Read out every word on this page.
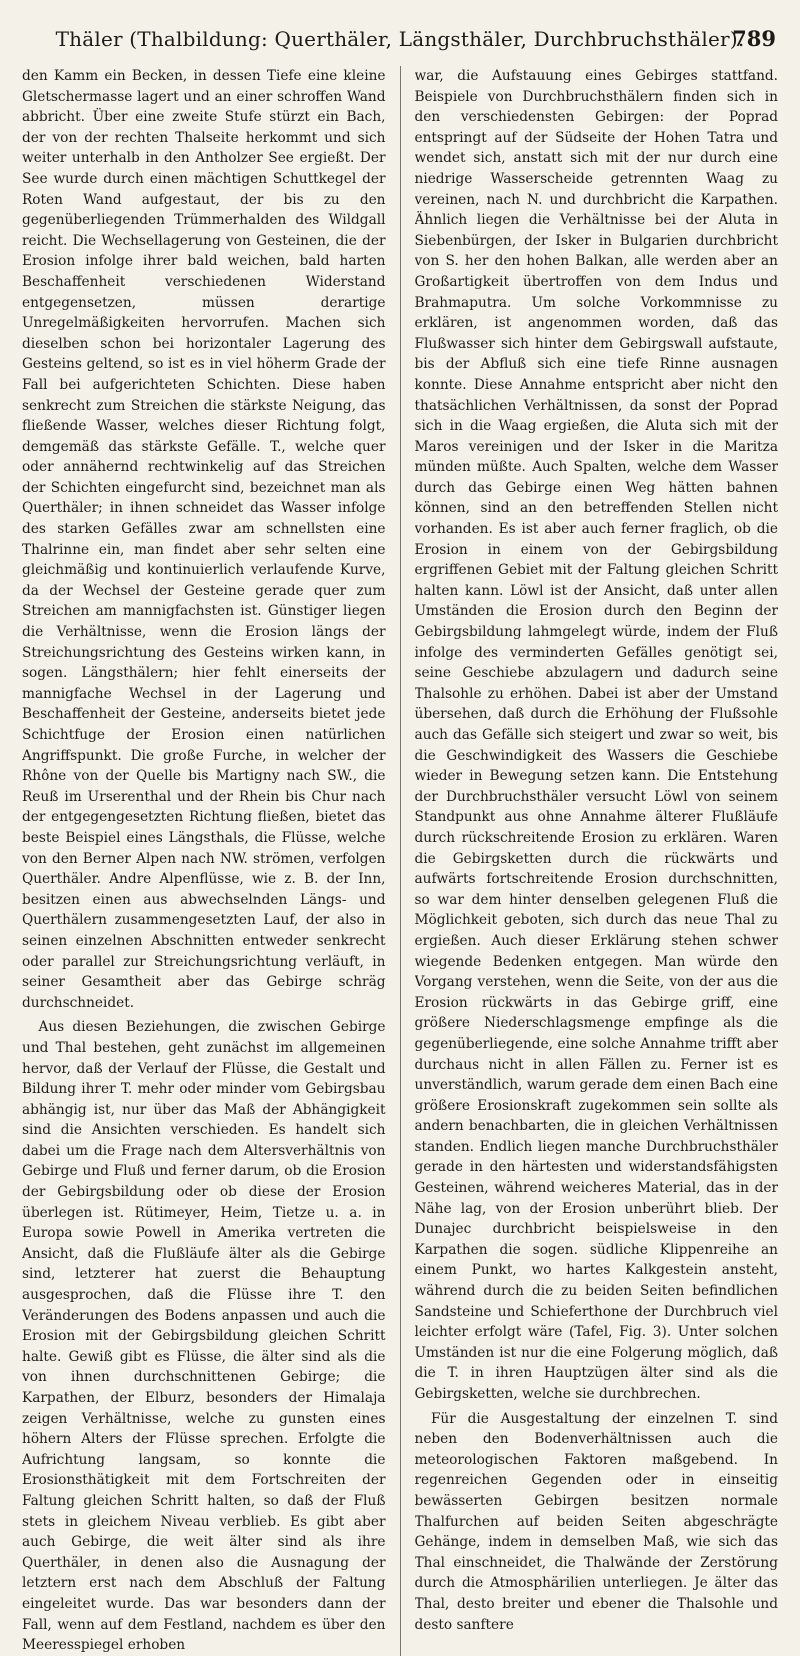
Thäler (Thalbildung: Querthäler, Längsthäler, Durchbruchsthäler).
789

den Kamm ein Becken, in dessen Tiefe eine kleine Gletschermasse lagert und an einer schroffen Wand abbricht. Über eine zweite Stufe stürzt ein Bach, der von der rechten Thalseite herkommt und sich weiter unterhalb in den Antholzer See ergießt. Der See wurde durch einen mächtigen Schuttkegel der Roten Wand aufgestaut, der bis zu den gegenüberliegenden Trümmerhalden des Wildgall reicht. Die Wechsellagerung von Gesteinen, die der Erosion infolge ihrer bald weichen, bald harten Beschaffenheit verschiedenen Widerstand entgegensetzen, müssen derartige Unregelmäßigkeiten hervorrufen. Machen sich dieselben schon bei horizontaler Lagerung des Gesteins geltend, so ist es in viel höherm Grade der Fall bei aufgerichteten Schichten. Diese haben senkrecht zum Streichen die stärkste Neigung, das fließende Wasser, welches dieser Richtung folgt, demgemäß das stärkste Gefälle. T., welche quer oder annähernd rechtwinkelig auf das Streichen der Schichten eingefurcht sind, bezeichnet man als Querthäler; in ihnen schneidet das Wasser infolge des starken Gefälles zwar am schnellsten eine Thalrinne ein, man findet aber sehr selten eine gleichmäßig und kontinuierlich verlaufende Kurve, da der Wechsel der Gesteine gerade quer zum Streichen am mannigfachsten ist. Günstiger liegen die Verhältnisse, wenn die Erosion längs der Streichungsrichtung des Gesteins wirken kann, in sogen. Längsthälern; hier fehlt einerseits der mannigfache Wechsel in der Lagerung und Beschaffenheit der Gesteine, anderseits bietet jede Schichtfuge der Erosion einen natürlichen Angriffspunkt. Die große Furche, in welcher der Rhône von der Quelle bis Martigny nach SW., die Reuß im Urserenthal und der Rhein bis Chur nach der entgegengesetzten Richtung fließen, bietet das beste Beispiel eines Längsthals, die Flüsse, welche von den Berner Alpen nach NW. strömen, verfolgen Querthäler. Andre Alpenflüsse, wie z. B. der Inn, besitzen einen aus abwechselnden Längs- und Querthälern zusammengesetzten Lauf, der also in seinen einzelnen Abschnitten entweder senkrecht oder parallel zur Streichungsrichtung verläuft, in seiner Gesamtheit aber das Gebirge schräg durchschneidet.

Aus diesen Beziehungen, die zwischen Gebirge und Thal bestehen, geht zunächst im allgemeinen hervor, daß der Verlauf der Flüsse, die Gestalt und Bildung ihrer T. mehr oder minder vom Gebirgsbau abhängig ist, nur über das Maß der Abhängigkeit sind die Ansichten verschieden. Es handelt sich dabei um die Frage nach dem Altersverhältnis von Gebirge und Fluß und ferner darum, ob die Erosion der Gebirgsbildung oder ob diese der Erosion überlegen ist. Rütimeyer, Heim, Tietze u. a. in Europa sowie Powell in Amerika vertreten die Ansicht, daß die Flußläufe älter als die Gebirge sind, letzterer hat zuerst die Behauptung ausgesprochen, daß die Flüsse ihre T. den Veränderungen des Bodens anpassen und auch die Erosion mit der Gebirgsbildung gleichen Schritt halte. Gewiß gibt es Flüsse, die älter sind als die von ihnen durchschnittenen Gebirge; die Karpathen, der Elburz, besonders der Himalaja zeigen Verhältnisse, welche zu gunsten eines höhern Alters der Flüsse sprechen. Erfolgte die Aufrichtung langsam, so konnte die Erosionsthätigkeit mit dem Fortschreiten der Faltung gleichen Schritt halten, so daß der Fluß stets in gleichem Niveau verblieb. Es gibt aber auch Gebirge, die weit älter sind als ihre Querthäler, in denen also die Ausnagung der letztern erst nach dem Abschluß der Faltung eingeleitet wurde. Das war besonders dann der Fall, wenn auf dem Festland, nachdem es über den Meeresspiegel erhoben

war, die Aufstauung eines Gebirges stattfand. Beispiele von Durchbruchsthälern finden sich in den verschiedensten Gebirgen: der Poprad entspringt auf der Südseite der Hohen Tatra und wendet sich, anstatt sich mit der nur durch eine niedrige Wasserscheide getrennten Waag zu vereinen, nach N. und durchbricht die Karpathen. Ähnlich liegen die Verhältnisse bei der Aluta in Siebenbürgen, der Isker in Bulgarien durchbricht von S. her den hohen Balkan, alle werden aber an Großartigkeit übertroffen von dem Indus und Brahmaputra. Um solche Vorkommnisse zu erklären, ist angenommen worden, daß das Flußwasser sich hinter dem Gebirgswall aufstaute, bis der Abfluß sich eine tiefe Rinne ausnagen konnte. Diese Annahme entspricht aber nicht den thatsächlichen Verhältnissen, da sonst der Poprad sich in die Waag ergießen, die Aluta sich mit der Maros vereinigen und der Isker in die Maritza münden müßte. Auch Spalten, welche dem Wasser durch das Gebirge einen Weg hätten bahnen können, sind an den betreffenden Stellen nicht vorhanden. Es ist aber auch ferner fraglich, ob die Erosion in einem von der Gebirgsbildung ergriffenen Gebiet mit der Faltung gleichen Schritt halten kann. Löwl ist der Ansicht, daß unter allen Umständen die Erosion durch den Beginn der Gebirgsbildung lahmgelegt würde, indem der Fluß infolge des verminderten Gefälles genötigt sei, seine Geschiebe abzulagern und dadurch seine Thalsohle zu erhöhen. Dabei ist aber der Umstand übersehen, daß durch die Erhöhung der Flußsohle auch das Gefälle sich steigert und zwar so weit, bis die Geschwindigkeit des Wassers die Geschiebe wieder in Bewegung setzen kann. Die Entstehung der Durchbruchsthäler versucht Löwl von seinem Standpunkt aus ohne Annahme älterer Flußläufe durch rückschreitende Erosion zu erklären. Waren die Gebirgsketten durch die rückwärts und aufwärts fortschreitende Erosion durchschnitten, so war dem hinter denselben gelegenen Fluß die Möglichkeit geboten, sich durch das neue Thal zu ergießen. Auch dieser Erklärung stehen schwer wiegende Bedenken entgegen. Man würde den Vorgang verstehen, wenn die Seite, von der aus die Erosion rückwärts in das Gebirge griff, eine größere Niederschlagsmenge empfinge als die gegenüberliegende, eine solche Annahme trifft aber durchaus nicht in allen Fällen zu. Ferner ist es unverständlich, warum gerade dem einen Bach eine größere Erosionskraft zugekommen sein sollte als andern benachbarten, die in gleichen Verhältnissen standen. Endlich liegen manche Durchbruchsthäler gerade in den härtesten und widerstandsfähigsten Gesteinen, während weicheres Material, das in der Nähe lag, von der Erosion unberührt blieb. Der Dunajec durchbricht beispielsweise in den Karpathen die sogen. südliche Klippenreihe an einem Punkt, wo hartes Kalkgestein ansteht, während durch die zu beiden Seiten befindlichen Sandsteine und Schieferthone der Durchbruch viel leichter erfolgt wäre (Tafel, Fig. 3). Unter solchen Umständen ist nur die eine Folgerung möglich, daß die T. in ihren Hauptzügen älter sind als die Gebirgsketten, welche sie durchbrechen.

Für die Ausgestaltung der einzelnen T. sind neben den Bodenverhältnissen auch die meteorologischen Faktoren maßgebend. In regenreichen Gegenden oder in einseitig bewässerten Gebirgen besitzen normale Thalfurchen auf beiden Seiten abgeschrägte Gehänge, indem in demselben Maß, wie sich das Thal einschneidet, die Thalwände der Zerstörung durch die Atmosphärilien unterliegen. Je älter das Thal, desto breiter und ebener die Thalsohle und desto sanftere
